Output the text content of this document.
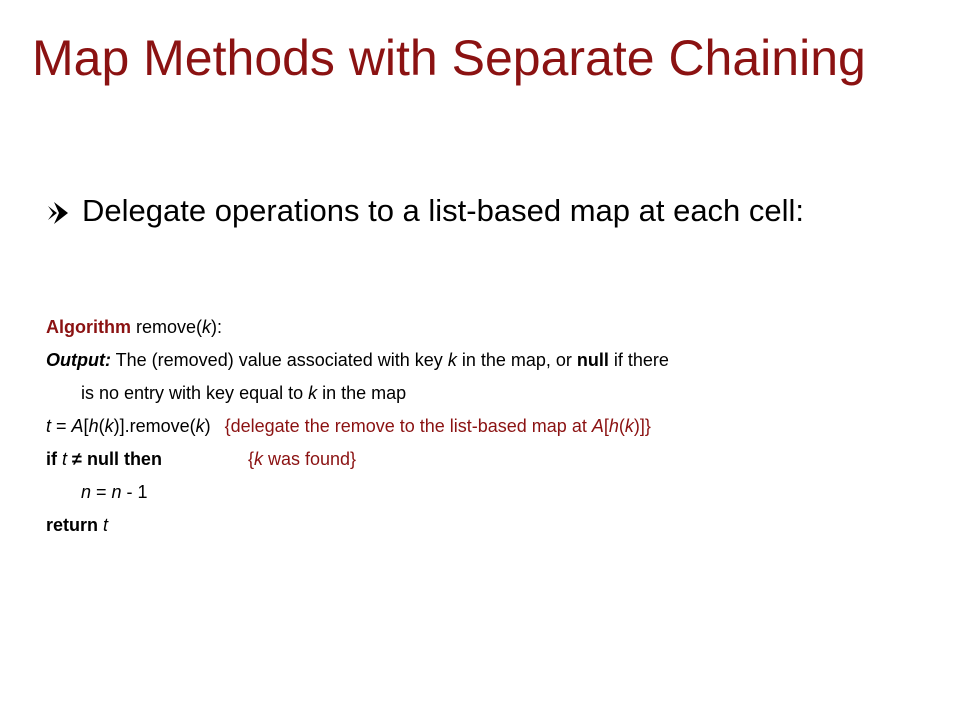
Map Methods with Separate Chaining
Delegate operations to a list-based map at each cell:
Algorithm remove(k):
Output: The (removed) value associated with key k in the map, or null if there
is no entry with key equal to k in the map
t = A[h(k)].remove(k) {delegate the remove to the list-based map at A[h(k)]}
if t ≠ null then	{k was found}
n = n - 1
return t
